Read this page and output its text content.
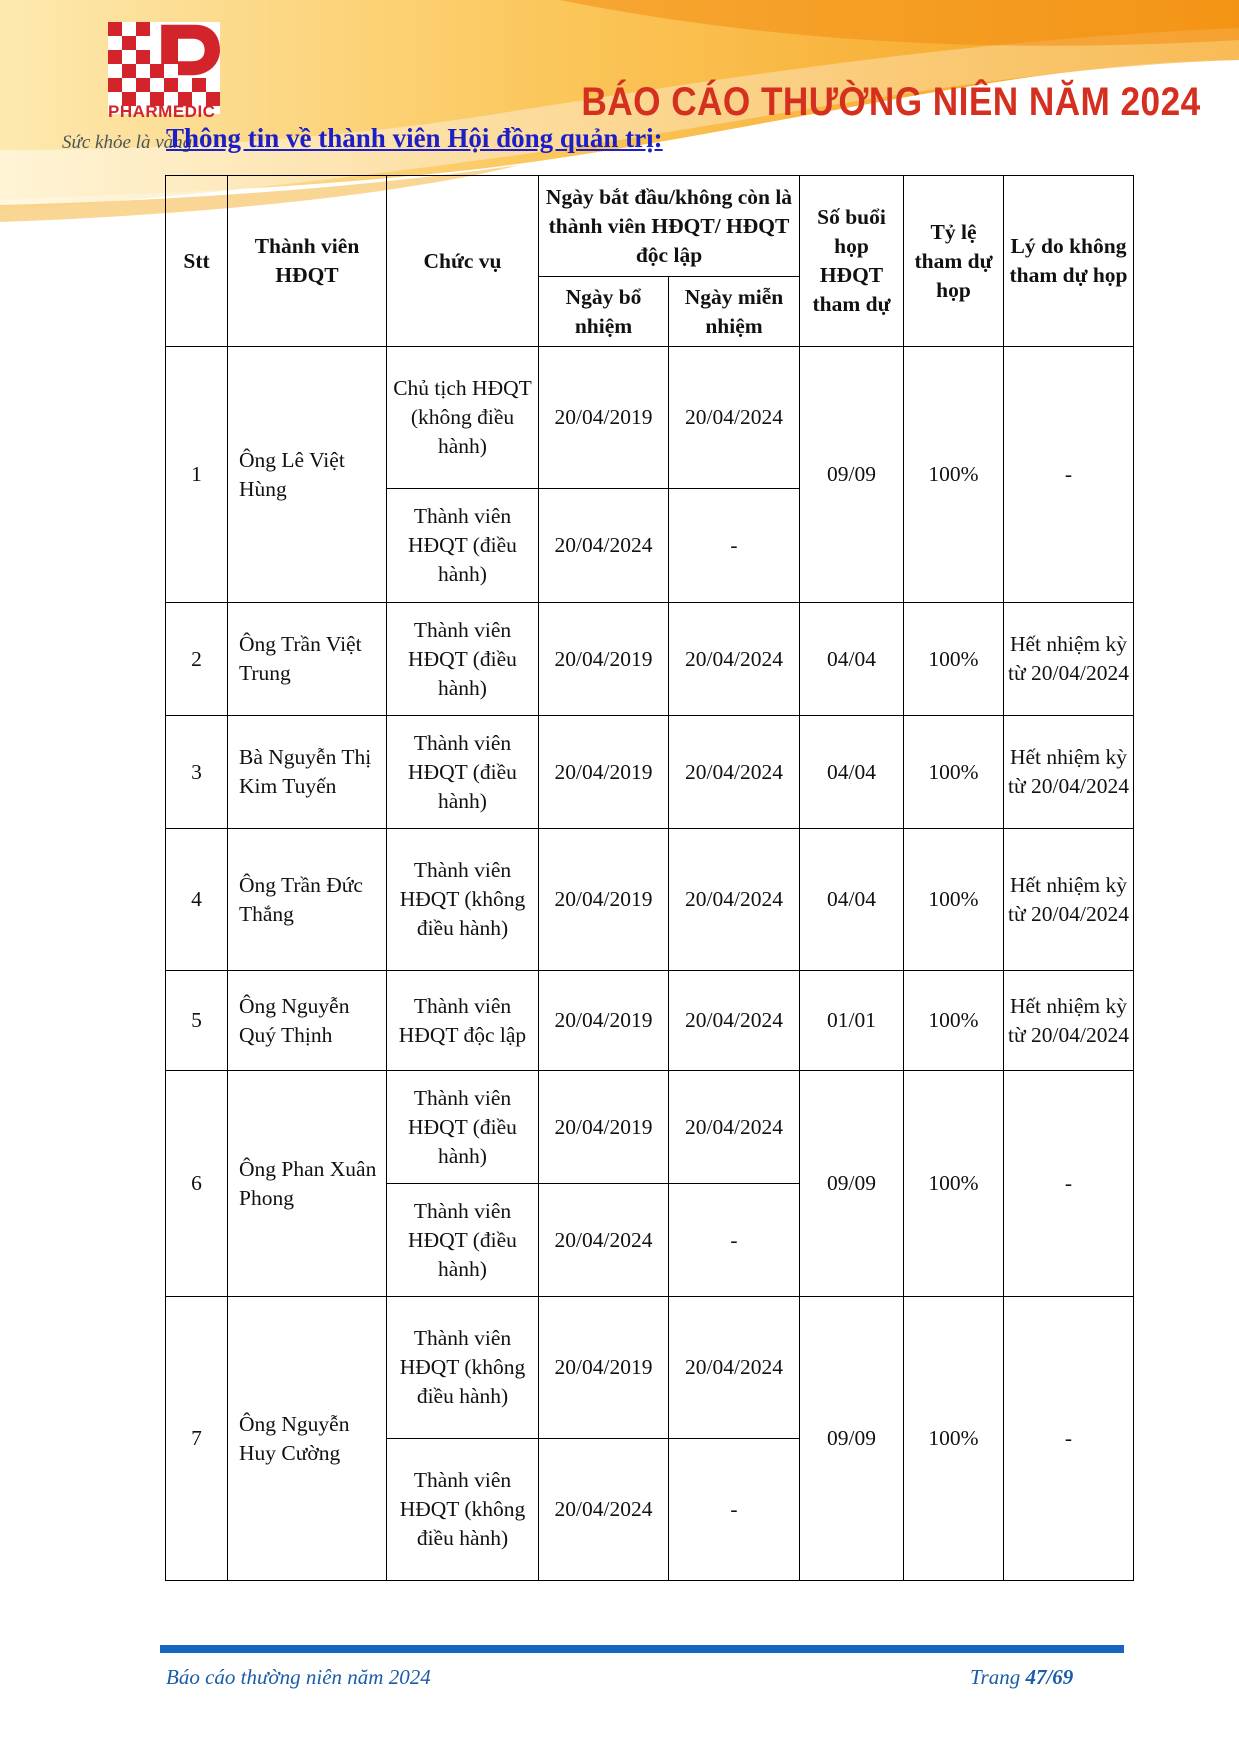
PHARMEDIC
Sức khỏe là vàng
BÁO CÁO THƯỜNG NIÊN NĂM 2024
Thông tin về thành viên Hội đồng quản trị:
Stt	Thành viên HĐQT	Chức vụ	Ngày bắt đầu/không còn là thành viên HĐQT/ HĐQT độc lập		Số buổi họp HĐQT tham dự	Tỷ lệ tham dự họp	Lý do không tham dự họp
			Ngày bổ nhiệm	Ngày miễn nhiệm			
1	Ông Lê Việt Hùng	Chủ tịch HĐQT (không điều hành)	20/04/2019	20/04/2024	09/09	100%	-
		Thành viên HĐQT (điều hành)	20/04/2024	-			
2	Ông Trần Việt Trung	Thành viên HĐQT (điều hành)	20/04/2019	20/04/2024	04/04	100%	Hết nhiệm kỳ từ 20/04/2024
3	Bà Nguyễn Thị Kim Tuyến	Thành viên HĐQT (điều hành)	20/04/2019	20/04/2024	04/04	100%	Hết nhiệm kỳ từ 20/04/2024
4	Ông Trần Đức Thắng	Thành viên HĐQT (không điều hành)	20/04/2019	20/04/2024	04/04	100%	Hết nhiệm kỳ từ 20/04/2024
5	Ông Nguyễn Quý Thịnh	Thành viên HĐQT độc lập	20/04/2019	20/04/2024	01/01	100%	Hết nhiệm kỳ từ 20/04/2024
6	Ông Phan Xuân Phong	Thành viên HĐQT (điều hành)	20/04/2019	20/04/2024	09/09	100%	-
		Thành viên HĐQT (điều hành)	20/04/2024	-			
7	Ông Nguyễn Huy Cường	Thành viên HĐQT (không điều hành)	20/04/2019	20/04/2024	09/09	100%	-
		Thành viên HĐQT (không điều hành)	20/04/2024	-			
Báo cáo thường niên năm 2024	Trang 47/69
